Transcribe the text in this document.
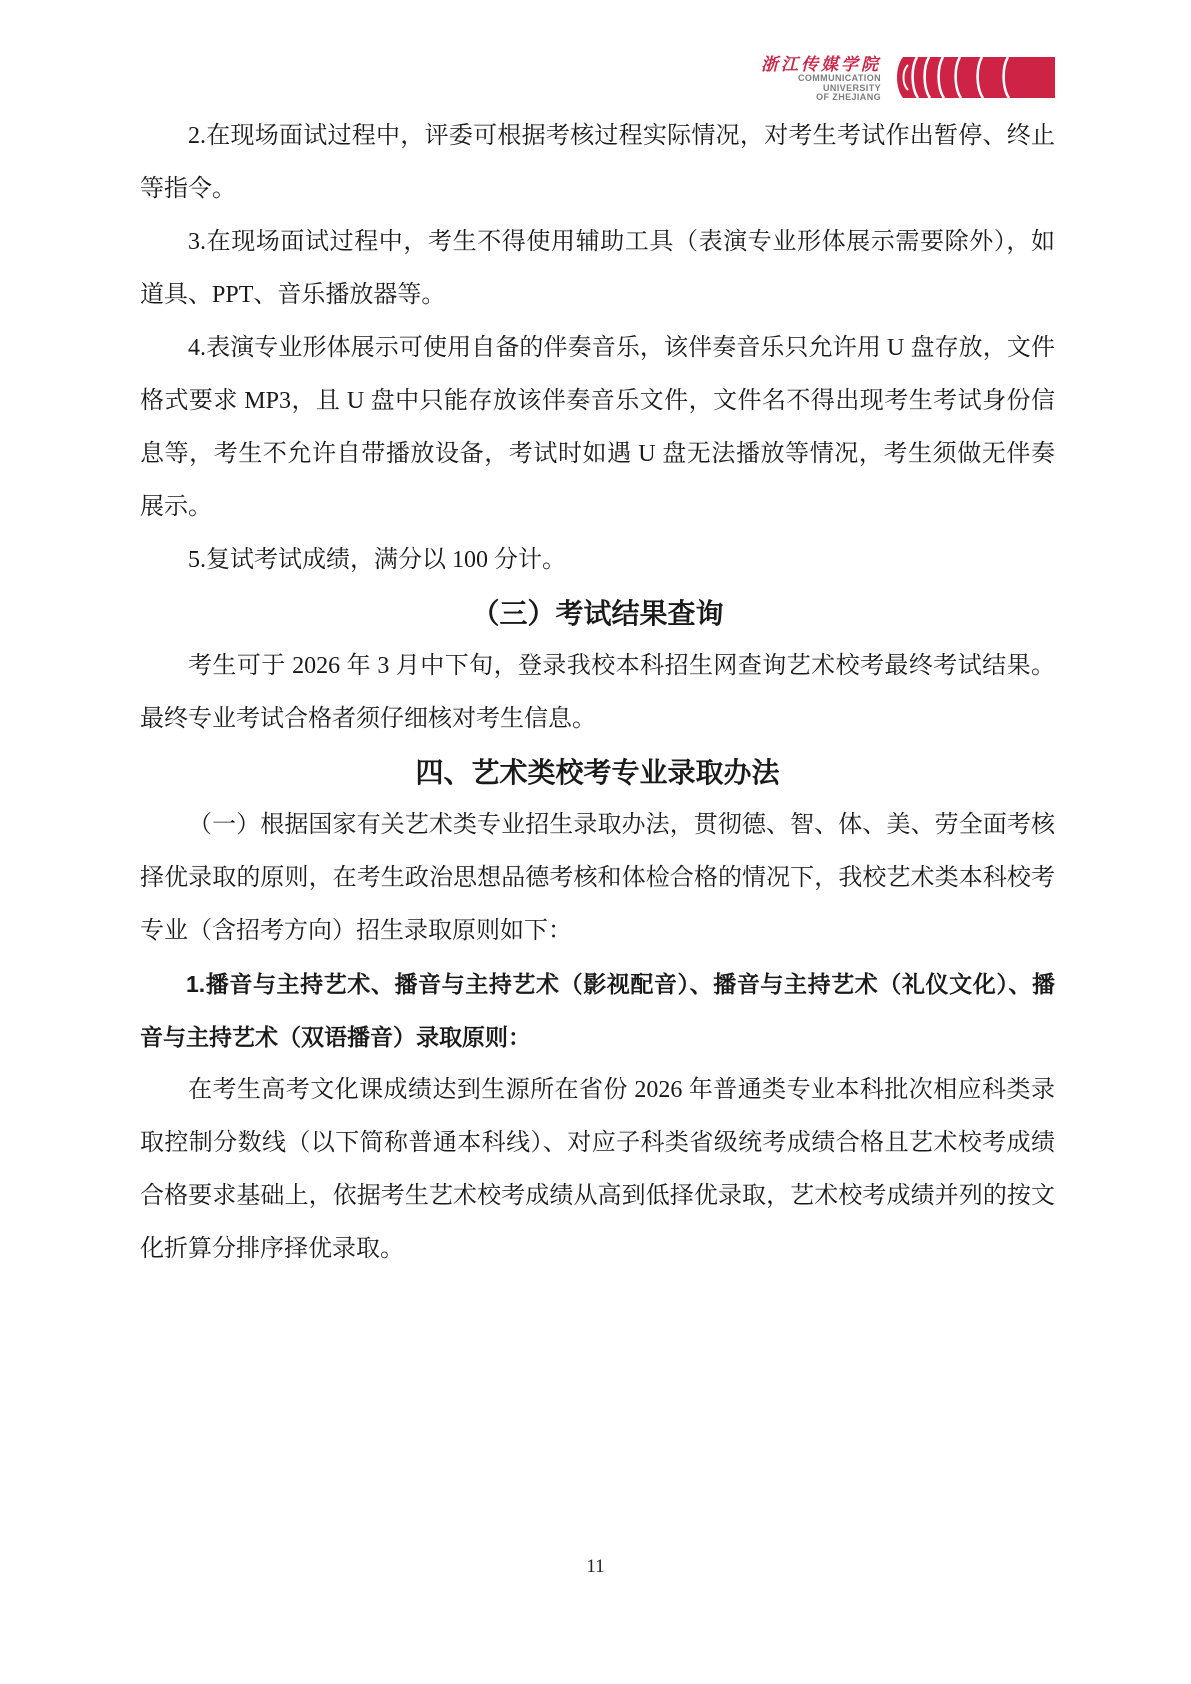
浙江传媒学院
COMMUNICATION
UNIVERSITY
OF ZHEJIANG

2.在现场面试过程中，评委可根据考核过程实际情况，对考生考试作出暂停、终止等指令。

3.在现场面试过程中，考生不得使用辅助工具（表演专业形体展示需要除外），如道具、PPT、音乐播放器等。

4.表演专业形体展示可使用自备的伴奏音乐，该伴奏音乐只允许用 U 盘存放，文件格式要求 MP3，且 U 盘中只能存放该伴奏音乐文件，文件名不得出现考生考试身份信息等，考生不允许自带播放设备，考试时如遇 U 盘无法播放等情况，考生须做无伴奏展示。

5.复试考试成绩，满分以 100 分计。

（三）考试结果查询

考生可于 2026 年 3 月中下旬，登录我校本科招生网查询艺术校考最终考试结果。最终专业考试合格者须仔细核对考生信息。

四、艺术类校考专业录取办法

（一）根据国家有关艺术类专业招生录取办法，贯彻德、智、体、美、劳全面考核择优录取的原则，在考生政治思想品德考核和体检合格的情况下，我校艺术类本科校考专业（含招考方向）招生录取原则如下：

1.播音与主持艺术、播音与主持艺术（影视配音）、播音与主持艺术（礼仪文化）、播音与主持艺术（双语播音）录取原则：

在考生高考文化课成绩达到生源所在省份 2026 年普通类专业本科批次相应科类录取控制分数线（以下简称普通本科线）、对应子科类省级统考成绩合格且艺术校考成绩合格要求基础上，依据考生艺术校考成绩从高到低择优录取，艺术校考成绩并列的按文化折算分排序择优录取。

11
